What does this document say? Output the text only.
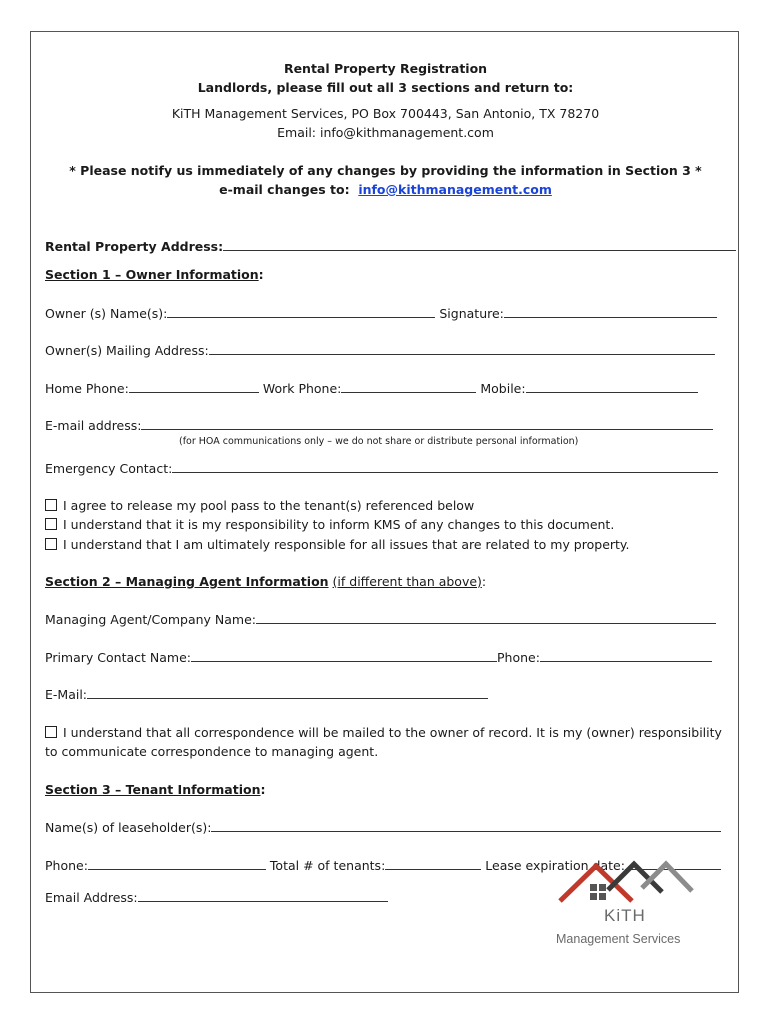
Rental Property Registration
Landlords, please fill out all 3 sections and return to:
KiTH Management Services, PO Box 700443, San Antonio, TX 78270
Email: info@kithmanagement.com
* Please notify us immediately of any changes by providing the information in Section 3 *
e-mail changes to: info@kithmanagement.com
Rental Property Address:
Section 1 – Owner Information:
Owner (s) Name(s):	Signature:
Owner(s) Mailing Address:
Home Phone:	Work Phone:	Mobile:
E-mail address:
(for HOA communications only – we do not share or distribute personal information)
Emergency Contact:
I agree to release my pool pass to the tenant(s) referenced below
I understand that it is my responsibility to inform KMS of any changes to this document.
I understand that I am ultimately responsible for all issues that are related to my property.
Section 2 – Managing Agent Information (if different than above):
Managing Agent/Company Name:
Primary Contact Name:	Phone:
E-Mail:
I understand that all correspondence will be mailed to the owner of record. It is my (owner) responsibility
to communicate correspondence to managing agent.
Section 3 – Tenant Information:
Name(s) of leaseholder(s):
Phone:	Total # of tenants:	Lease expiration date:
Email Address:
KiTH
Management Services
